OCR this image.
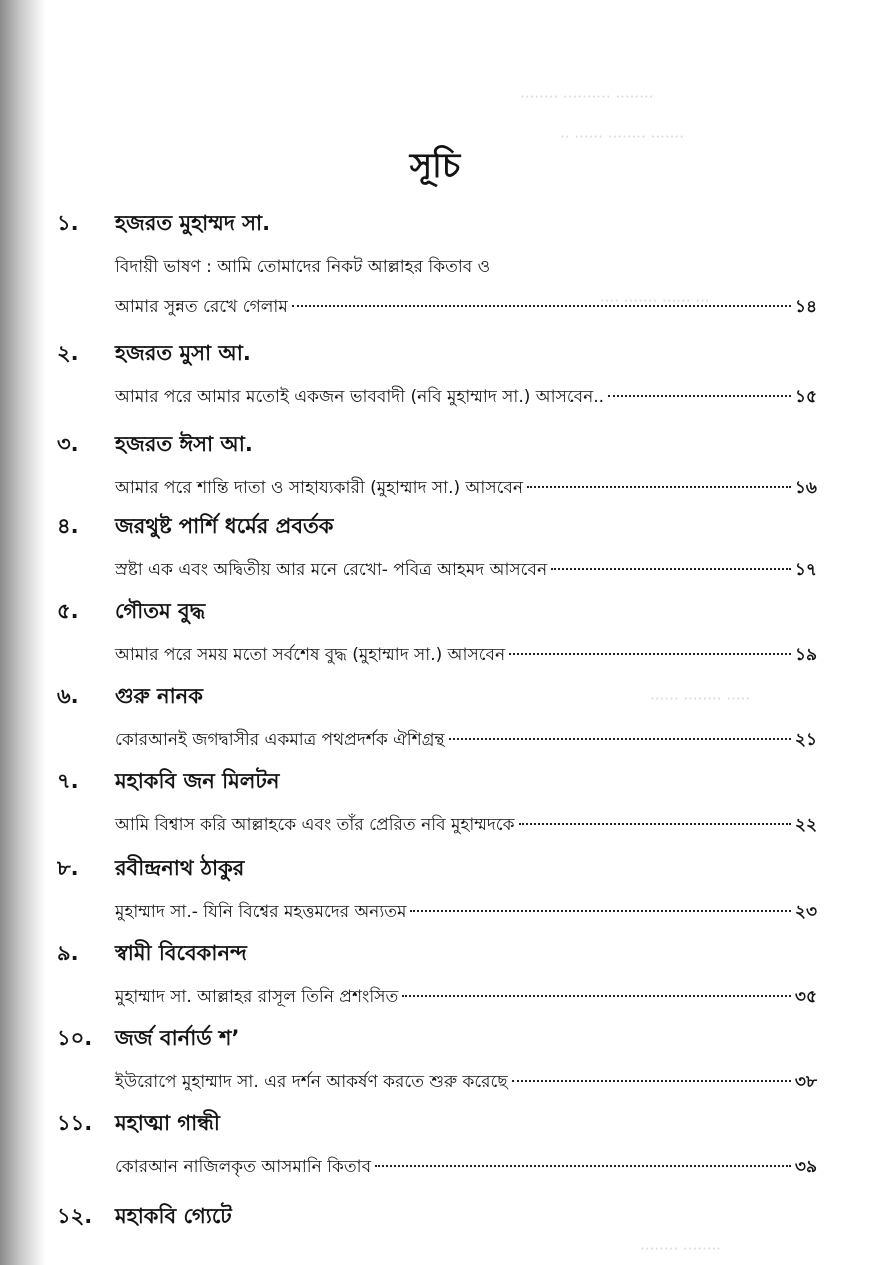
········ ·········· ········
·· ······ ········ ·······
···· ······· ······ ···
······ ········ ·····
········ ········
সূচি
১.	হজরত মুহাম্মদ সা.
বিদায়ী ভাষণ : আমি তোমাদের নিকট আল্লাহর কিতাব ও
আমার সুন্নত রেখে গেলাম	১৪
২.	হজরত মুসা আ.
আমার পরে আমার মতোই একজন ভাববাদী (নবি মুহাম্মাদ সা.) আসবেন..	১৫
৩.	হজরত ঈসা আ.
আমার পরে শান্তি দাতা ও সাহায্যকারী (মুহাম্মাদ সা.) আসবেন	১৬
৪.	জরথুষ্ট পার্শি ধর্মের প্রবর্তক
স্রষ্টা এক এবং অদ্বিতীয় আর মনে রেখো- পবিত্র আহমদ আসবেন	১৭
৫.	গৌতম বুদ্ধ
আমার পরে সময় মতো সর্বশেষ বুদ্ধ (মুহাম্মাদ সা.) আসবেন	১৯
৬.	গুরু নানক
কোরআনই জগদ্বাসীর একমাত্র পথপ্রদর্শক ঐশিগ্রন্থ	২১
৭.	মহাকবি জন মিলটন
আমি বিশ্বাস করি আল্লাহকে এবং তাঁর প্রেরিত নবি মুহাম্মদকে	২২
৮.	রবীন্দ্রনাথ ঠাকুর
মুহাম্মাদ সা.- যিনি বিশ্বের মহত্তমদের অন্যতম	২৩
৯.	স্বামী বিবেকানন্দ
মুহাম্মাদ সা. আল্লাহর রাসূল তিনি প্রশংসিত	৩৫
১০.	জর্জ বার্নার্ড শ’
ইউরোপে মুহাম্মাদ সা. এর দর্শন আকর্ষণ করতে শুরু করেছে	৩৮
১১.	মহাত্মা গান্ধী
কোরআন নাজিলকৃত আসমানি কিতাব	৩৯
১২.	মহাকবি গ্যেটে
